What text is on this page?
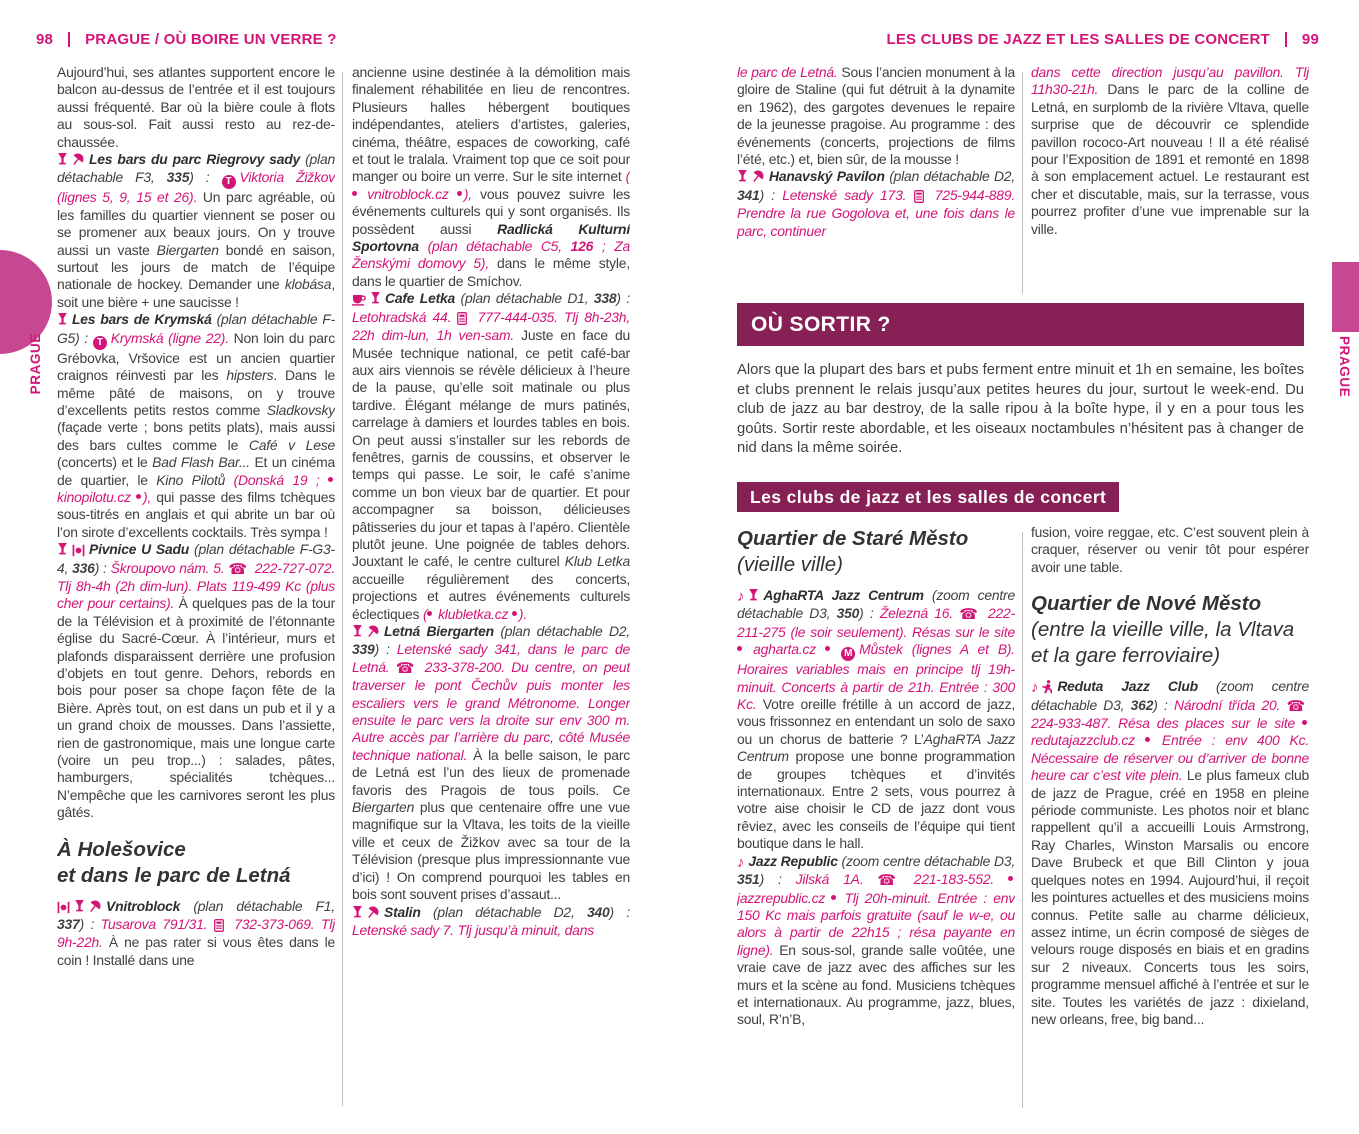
98 PRAGUE / OÙ BOIRE UN VERRE ?	LES CLUBS DE JAZZ ET LES SALLES DE CONCERT 99
PRAGUE	PRAGUE

Aujourd’hui, ses atlantes supportent encore le balcon au-dessus de l’entrée et il est toujours aussi fréquenté. Bar où la bière coule à flots au sous-sol. Fait aussi resto au rez-de-chaussée.

Les bars du parc Riegrovy sady (plan détachable F3, 335) : T Viktoria Žižkov (lignes 5, 9, 15 et 26). Un parc agréable, où les familles du quartier viennent se poser ou se promener aux beaux jours. On y trouve aussi un vaste Biergarten bondé en saison, surtout les jours de match de l’équipe nationale de hockey. Demander une klobása, soit une bière + une saucisse !

Les bars de Krymská (plan détachable F-G5) : T Krymská (ligne 22). Non loin du parc Grébovka, Vršovice est un ancien quartier craignos réinvesti par les hipsters. Dans le même pâté de maisons, on y trouve d’excellents petits restos comme Sladkovsky (façade verte ; bons petits plats), mais aussi des bars cultes comme le Café v Lese (concerts) et le Bad Flash Bar... Et un cinéma de quartier, le Kino Pilotů (Donská 19 ;  kinopilotu.cz ), qui passe des films tchèques sous-titrés en anglais et qui abrite un bar où l’on sirote d’excellents cocktails. Très sympa !

Pivnice U Sadu (plan détachable F-G3-4, 336) : Škroupovo nám. 5. ☎ 222-727-072. Tlj 8h-4h (2h dim-lun). Plats 119-499 Kc (plus cher pour certains). À quelques pas de la tour de la Télévision et à proximité de l’étonnante église du Sacré-Cœur. À l’intérieur, murs et plafonds disparaissent derrière une profusion d’objets en tout genre. Dehors, rebords en bois pour poser sa chope façon fête de la Bière. Après tout, on est dans un pub et il y a un grand choix de mousses. Dans l’assiette, rien de gastronomique, mais une longue carte (voire un peu trop...) : salades, pâtes, hamburgers, spécialités tchèques... N’empêche que les carnivores seront les plus gâtés.

À Holešovice
et dans le parc de Letná

Vnitroblock (plan détachable F1, 337) : Tusarova 791/31.  732-373-069. Tlj 9h-22h. À ne pas rater si vous êtes dans le coin ! Installé dans une

ancienne usine destinée à la démolition mais finalement réhabilitée en lieu de rencontres. Plusieurs halles hébergent boutiques indépendantes, ateliers d’artistes, galeries, cinéma, théâtre, espaces de coworking, café et tout le tralala. Vraiment top que ce soit pour manger ou boire un verre. Sur le site internet ( vnitroblock.cz ), vous pouvez suivre les événements culturels qui y sont organisés. Ils possèdent aussi Radlická Kulturní Sportovna (plan détachable C5, 126 ; Za Ženskými domovy 5), dans le même style, dans le quartier de Smíchov.

Cafe Letka (plan détachable D1, 338) : Letohradská 44.  777-444-035. Tlj 8h-23h, 22h dim-lun, 1h ven-sam. Juste en face du Musée technique national, ce petit café-bar aux airs viennois se révèle délicieux à l’heure de la pause, qu’elle soit matinale ou plus tardive. Élégant mélange de murs patinés, carrelage à damiers et lourdes tables en bois. On peut aussi s’installer sur les rebords de fenêtres, garnis de coussins, et observer le temps qui passe. Le soir, le café s’anime comme un bon vieux bar de quartier. Et pour accompagner sa boisson, délicieuses pâtisseries du jour et tapas à l’apéro. Clientèle plutôt jeune. Une poignée de tables dehors. Jouxtant le café, le centre culturel Klub Letka accueille régulièrement des concerts, projections et autres événements culturels éclectiques ( klubletka.cz ).

Letná Biergarten (plan détachable D2, 339) : Letenské sady 341, dans le parc de Letná. ☎ 233-378-200. Du centre, on peut traverser le pont Čechův puis monter les escaliers vers le grand Métronome. Longer ensuite le parc vers la droite sur env 300 m. Autre accès par l’arrière du parc, côté Musée technique national. À la belle saison, le parc de Letná est l’un des lieux de promenade favoris des Pragois de tous poils. Ce Biergarten plus que centenaire offre une vue magnifique sur la Vltava, les toits de la vieille ville et ceux de Žižkov avec sa tour de la Télévision (presque plus impressionnante vue d’ici) ! On comprend pourquoi les tables en bois sont souvent prises d’assaut...

Stalin (plan détachable D2, 340) : Letenské sady 7. Tlj jusqu’à minuit, dans

le parc de Letná. Sous l’ancien monument à la gloire de Staline (qui fut détruit à la dynamite en 1962), des gargotes devenues le repaire de la jeunesse pragoise. Au programme : des événements (concerts, projections de films l’été, etc.) et, bien sûr, de la mousse !

Hanavský Pavilon (plan détachable D2, 341) : Letenské sady 173.  725-944-889. Prendre la rue Gogolova et, une fois dans le parc, continuer

dans cette direction jusqu’au pavillon. Tlj 11h30-21h. Dans le parc de la colline de Letná, en surplomb de la rivière Vltava, quelle surprise que de découvrir ce splendide pavillon rococo-Art nouveau ! Il a été réalisé pour l’Exposition de 1891 et remonté en 1898 à son emplacement actuel. Le restaurant est cher et discutable, mais, sur la terrasse, vous pourrez profiter d’une vue imprenable sur la ville.

OÙ SORTIR ?
Alors que la plupart des bars et pubs ferment entre minuit et 1h en semaine, les boîtes et clubs prennent le relais jusqu’aux petites heures du jour, surtout le week-end. Du club de jazz au bar destroy, de la salle ripou à la boîte hype, il y en a pour tous les goûts. Sortir reste abordable, et les oiseaux noctambules n’hésitent pas à changer de nid dans la même soirée.
Les clubs de jazz et les salles de concert
Quartier de Staré Město
(vieille ville)

♪ AghaRTA Jazz Centrum (zoom centre détachable D3, 350) : Železná 16. ☎ 222-211-275 (le soir seulement). Résas sur le site  agharta.cz  M Můstek (lignes A et B). Horaires variables mais en principe tlj 19h-minuit. Concerts à partir de 21h. Entrée : 300 Kc. Votre oreille frétille à un accord de jazz, vous frissonnez en entendant un solo de saxo ou un chorus de batterie ? L’AghaRTA Jazz Centrum propose une bonne programmation de groupes tchèques et d’invités internationaux. Entre 2 sets, vous pourrez à votre aise choisir le CD de jazz dont vous rêviez, avec les conseils de l’équipe qui tient boutique dans le hall.

♪ Jazz Republic (zoom centre détachable D3, 351) : Jilská 1A. ☎ 221-183-552.  jazzrepublic.cz  Tlj 20h-minuit. Entrée : env 150 Kc mais parfois gratuite (sauf le w-e, ou alors à partir de 22h15 ; résa payante en ligne). En sous-sol, grande salle voûtée, une vraie cave de jazz avec des affiches sur les murs et la scène au fond. Musiciens tchèques et internationaux. Au programme, jazz, blues, soul, R’n’B,

fusion, voire reggae, etc. C’est souvent plein à craquer, réserver ou venir tôt pour espérer avoir une table.

Quartier de Nové Město
(entre la vieille ville, la Vltava
et la gare ferroviaire)

♪ Reduta Jazz Club (zoom centre détachable D3, 362) : Národní třída 20. ☎ 224-933-487. Résa des places sur le site  redutajazzclub.cz  Entrée : env 400 Kc. Nécessaire de réserver ou d’arriver de bonne heure car c’est vite plein. Le plus fameux club de jazz de Prague, créé en 1958 en pleine période communiste. Les photos noir et blanc rappellent qu’il a accueilli Louis Armstrong, Ray Charles, Winston Marsalis ou encore Dave Brubeck et que Bill Clinton y joua quelques notes en 1994. Aujourd’hui, il reçoit les pointures actuelles et des musiciens moins connus. Petite salle au charme délicieux, assez intime, un écrin composé de sièges de velours rouge disposés en biais et en gradins sur 2 niveaux. Concerts tous les soirs, programme mensuel affiché à l’entrée et sur le site. Toutes les variétés de jazz : dixieland, new orleans, free, big band...
